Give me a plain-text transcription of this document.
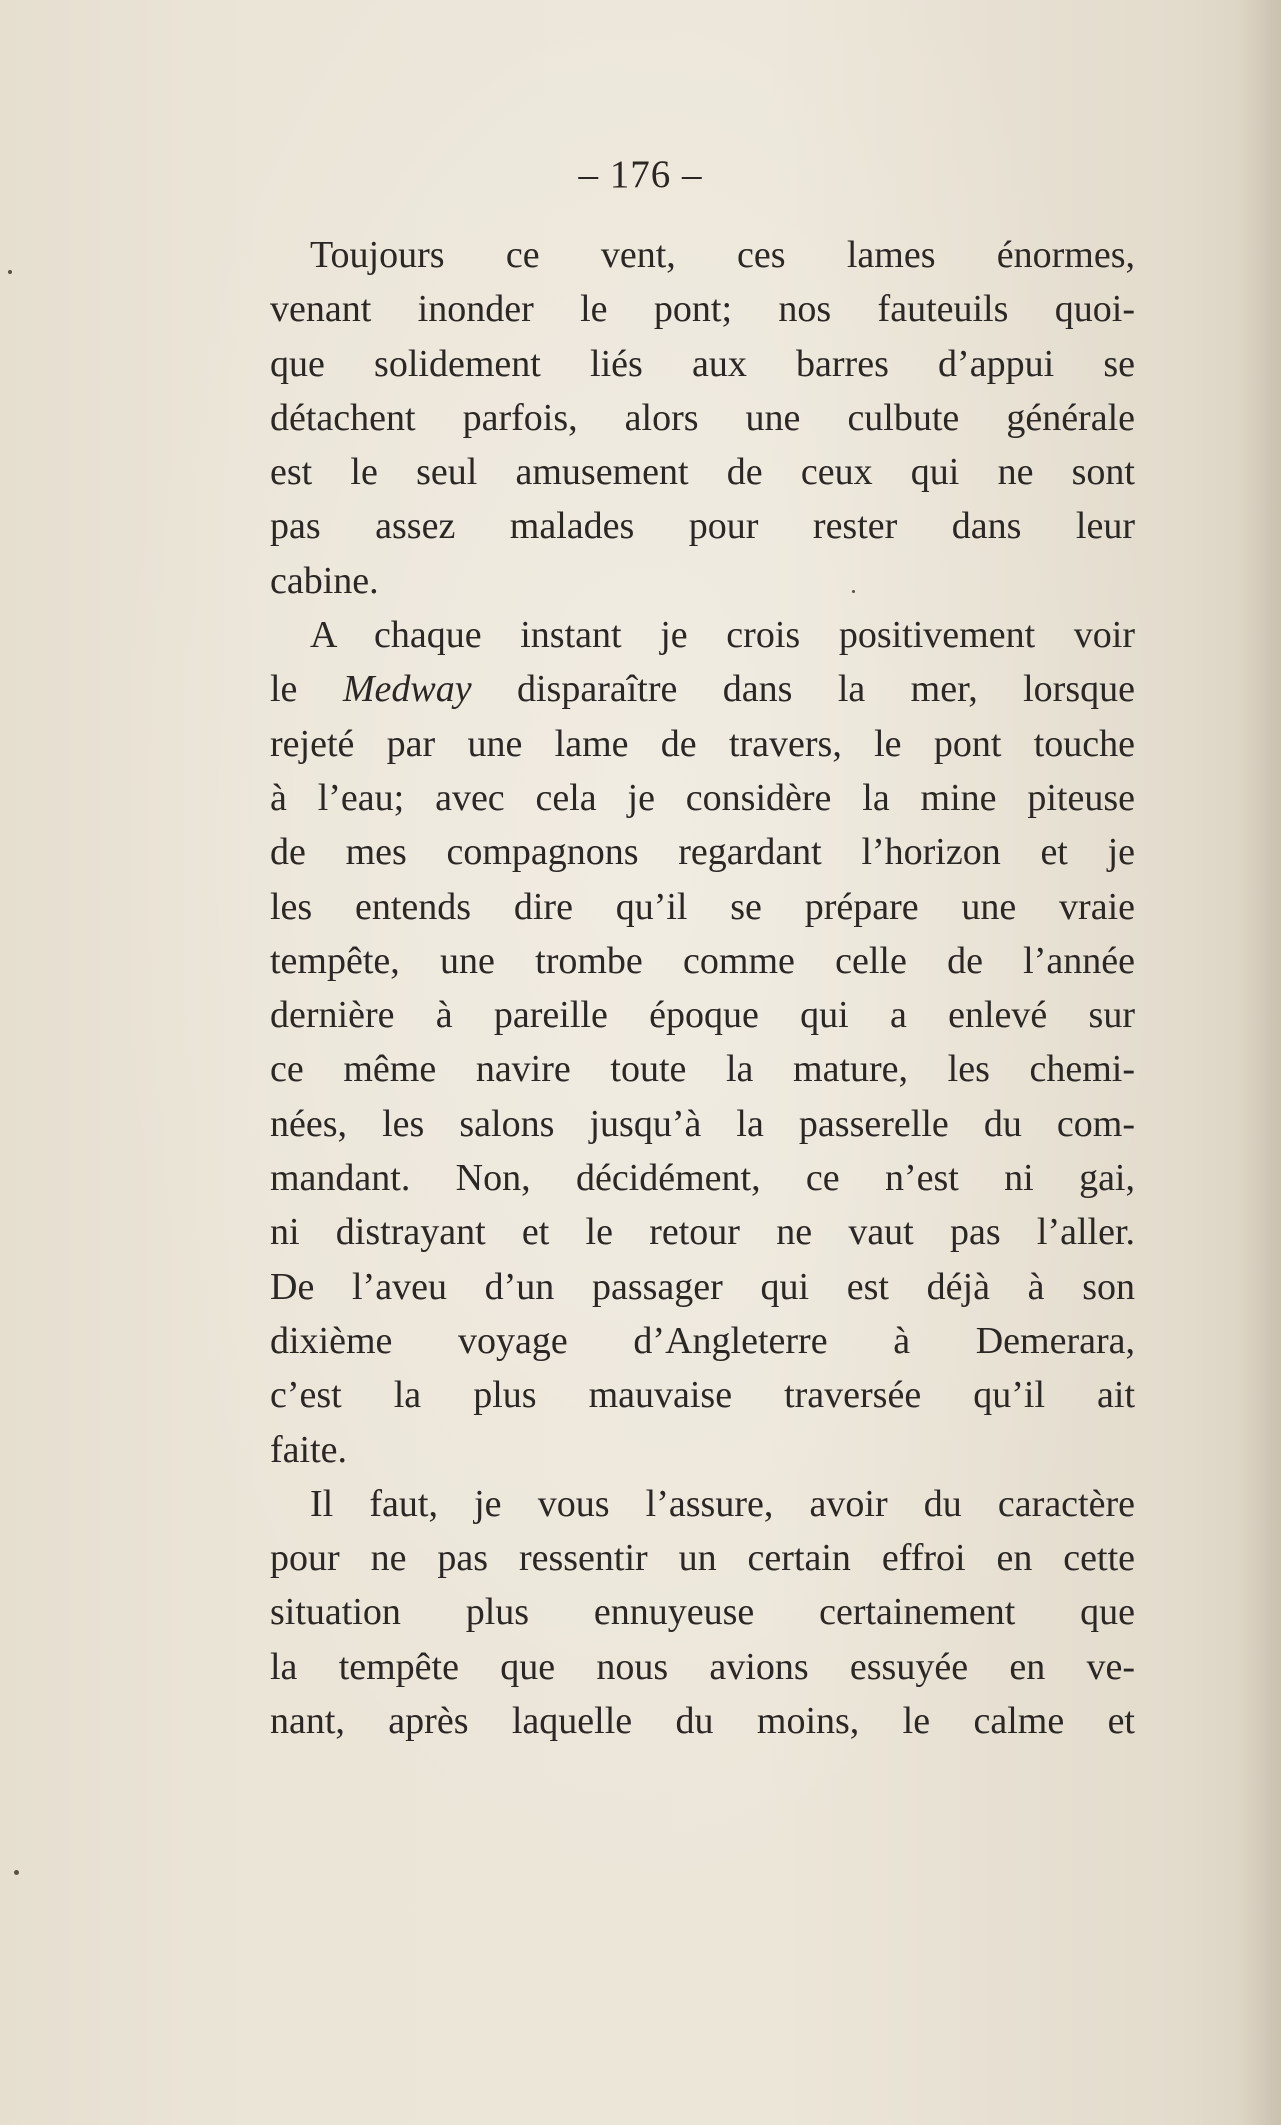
– 176 –
Toujours ce vent, ces lames énormes,
venant inonder le pont; nos fauteuils quoi-
que solidement liés aux barres d’appui se
détachent parfois, alors une culbute générale
est le seul amusement de ceux qui ne sont
pas assez malades pour rester dans leur
cabine.
A chaque instant je crois positivement voir
le Medway disparaître dans la mer, lorsque
rejeté par une lame de travers, le pont touche
à l’eau; avec cela je considère la mine piteuse
de mes compagnons regardant l’horizon et je
les entends dire qu’il se prépare une vraie
tempête, une trombe comme celle de l’année
dernière à pareille époque qui a enlevé sur
ce même navire toute la mature, les chemi-
nées, les salons jusqu’à la passerelle du com-
mandant. Non, décidément, ce n’est ni gai,
ni distrayant et le retour ne vaut pas l’aller.
De l’aveu d’un passager qui est déjà à son
dixième voyage d’Angleterre à Demerara,
c’est la plus mauvaise traversée qu’il ait
faite.
Il faut, je vous l’assure, avoir du caractère
pour ne pas ressentir un certain effroi en cette
situation plus ennuyeuse certainement que
la tempête que nous avions essuyée en ve-
nant, après laquelle du moins, le calme et
